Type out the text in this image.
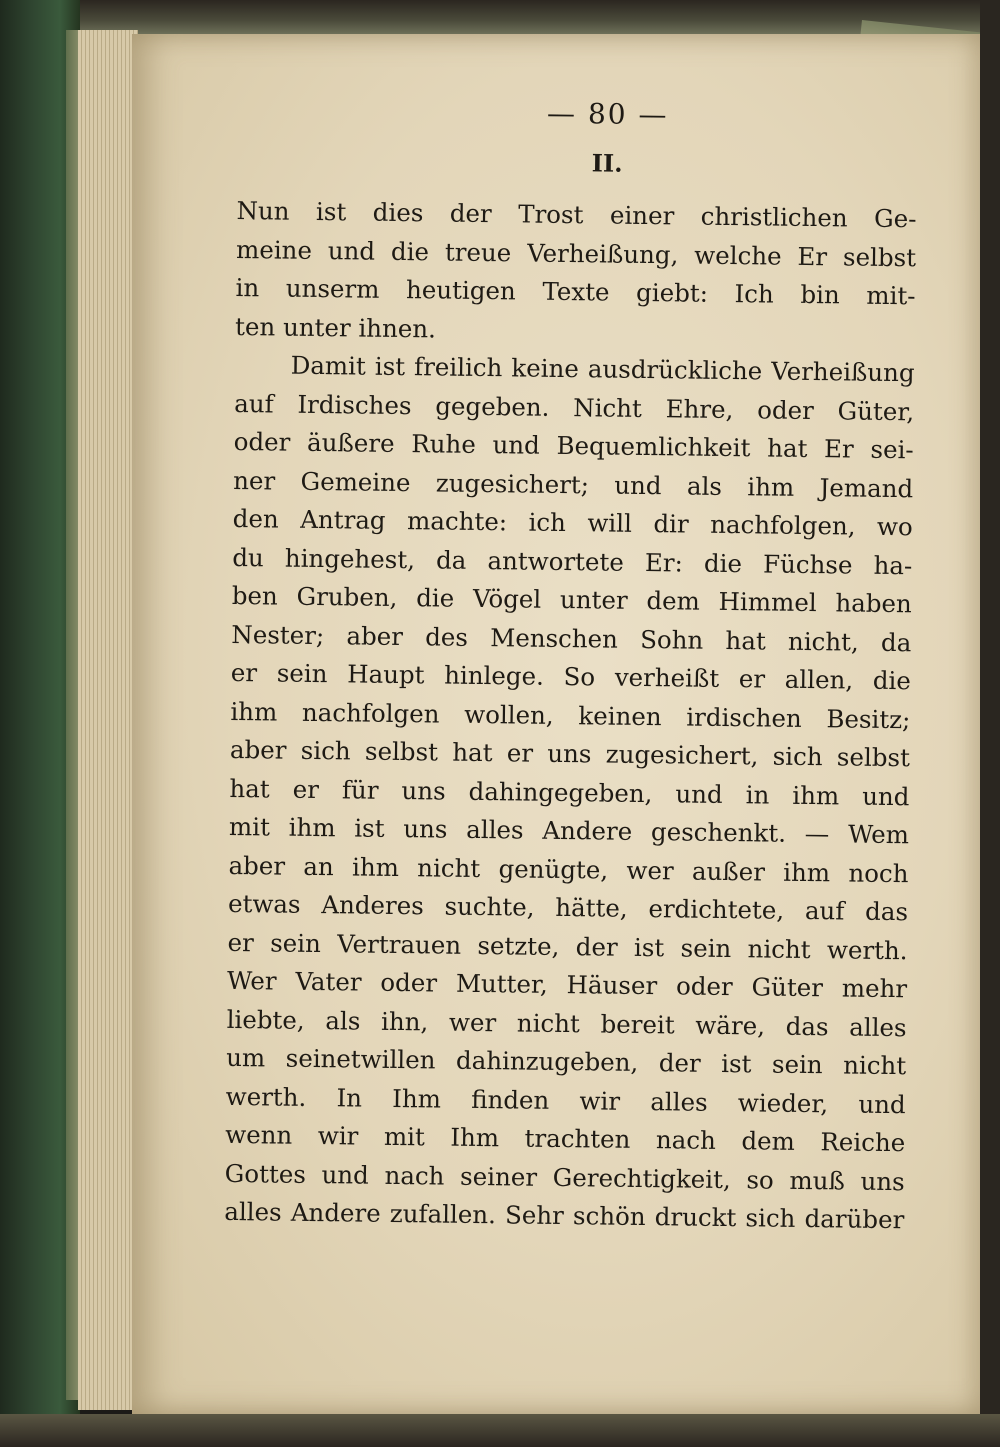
— 80 —
II.
Nun ist dies der Trost einer christlichen Ge-
meine und die treue Verheißung, welche Er selbst
in unserm heutigen Texte giebt: Ich bin mit-
ten unter ihnen.
Damit ist freilich keine ausdrückliche Verheißung
auf Irdisches gegeben. Nicht Ehre, oder Güter,
oder äußere Ruhe und Bequemlichkeit hat Er sei-
ner Gemeine zugesichert; und als ihm Jemand
den Antrag machte: ich will dir nachfolgen, wo
du hingehest, da antwortete Er: die Füchse ha-
ben Gruben, die Vögel unter dem Himmel haben
Nester; aber des Menschen Sohn hat nicht, da
er sein Haupt hinlege. So verheißt er allen, die
ihm nachfolgen wollen, keinen irdischen Besitz;
aber sich selbst hat er uns zugesichert, sich selbst
hat er für uns dahingegeben, und in ihm und
mit ihm ist uns alles Andere geschenkt. — Wem
aber an ihm nicht genügte, wer außer ihm noch
etwas Anderes suchte, hätte, erdichtete, auf das
er sein Vertrauen setzte, der ist sein nicht werth.
Wer Vater oder Mutter, Häuser oder Güter mehr
liebte, als ihn, wer nicht bereit wäre, das alles
um seinetwillen dahinzugeben, der ist sein nicht
werth. In Ihm finden wir alles wieder, und
wenn wir mit Ihm trachten nach dem Reiche
Gottes und nach seiner Gerechtigkeit, so muß uns
alles Andere zufallen. Sehr schön druckt sich darüber
